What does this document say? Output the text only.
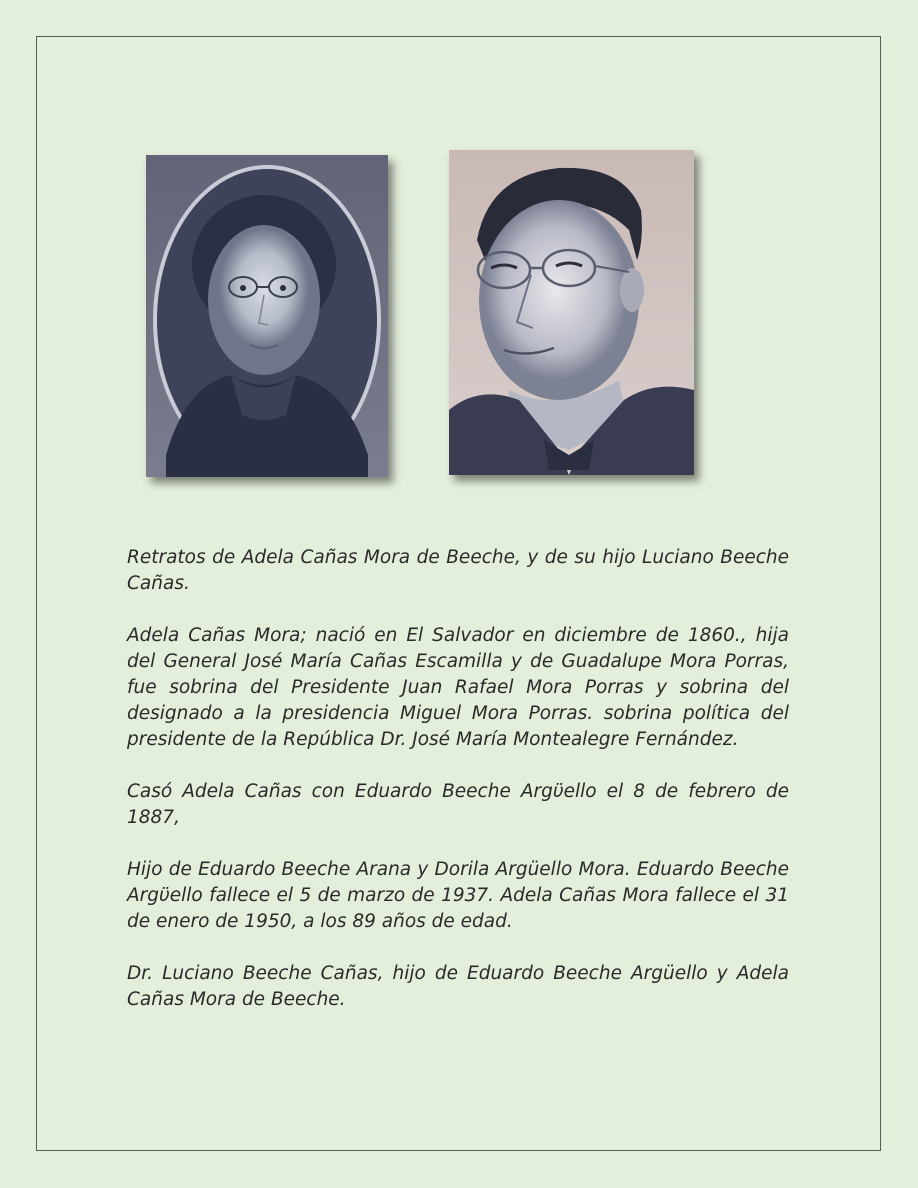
Retratos de Adela Cañas Mora de Beeche, y de su hijo Luciano Beeche Cañas.

Adela Cañas Mora; nació en El Salvador en diciembre de 1860., hija del General José María Cañas Escamilla y de Guadalupe Mora Porras, fue sobrina del Presidente Juan Rafael Mora Porras y sobrina del designado a la presidencia Miguel Mora Porras. sobrina política del presidente de la República Dr. José María Montealegre Fernández.

Casó Adela Cañas con Eduardo Beeche Argϋello el 8 de febrero de 1887,

Hijo de Eduardo Beeche Arana y Dorila Argüello Mora. Eduardo Beeche Argϋello fallece el 5 de marzo de 1937. Adela Cañas Mora fallece el 31 de enero de 1950, a los 89 años de edad.

Dr. Luciano Beeche Cañas, hijo de Eduardo Beeche Argüello y Adela Cañas Mora de Beeche.
